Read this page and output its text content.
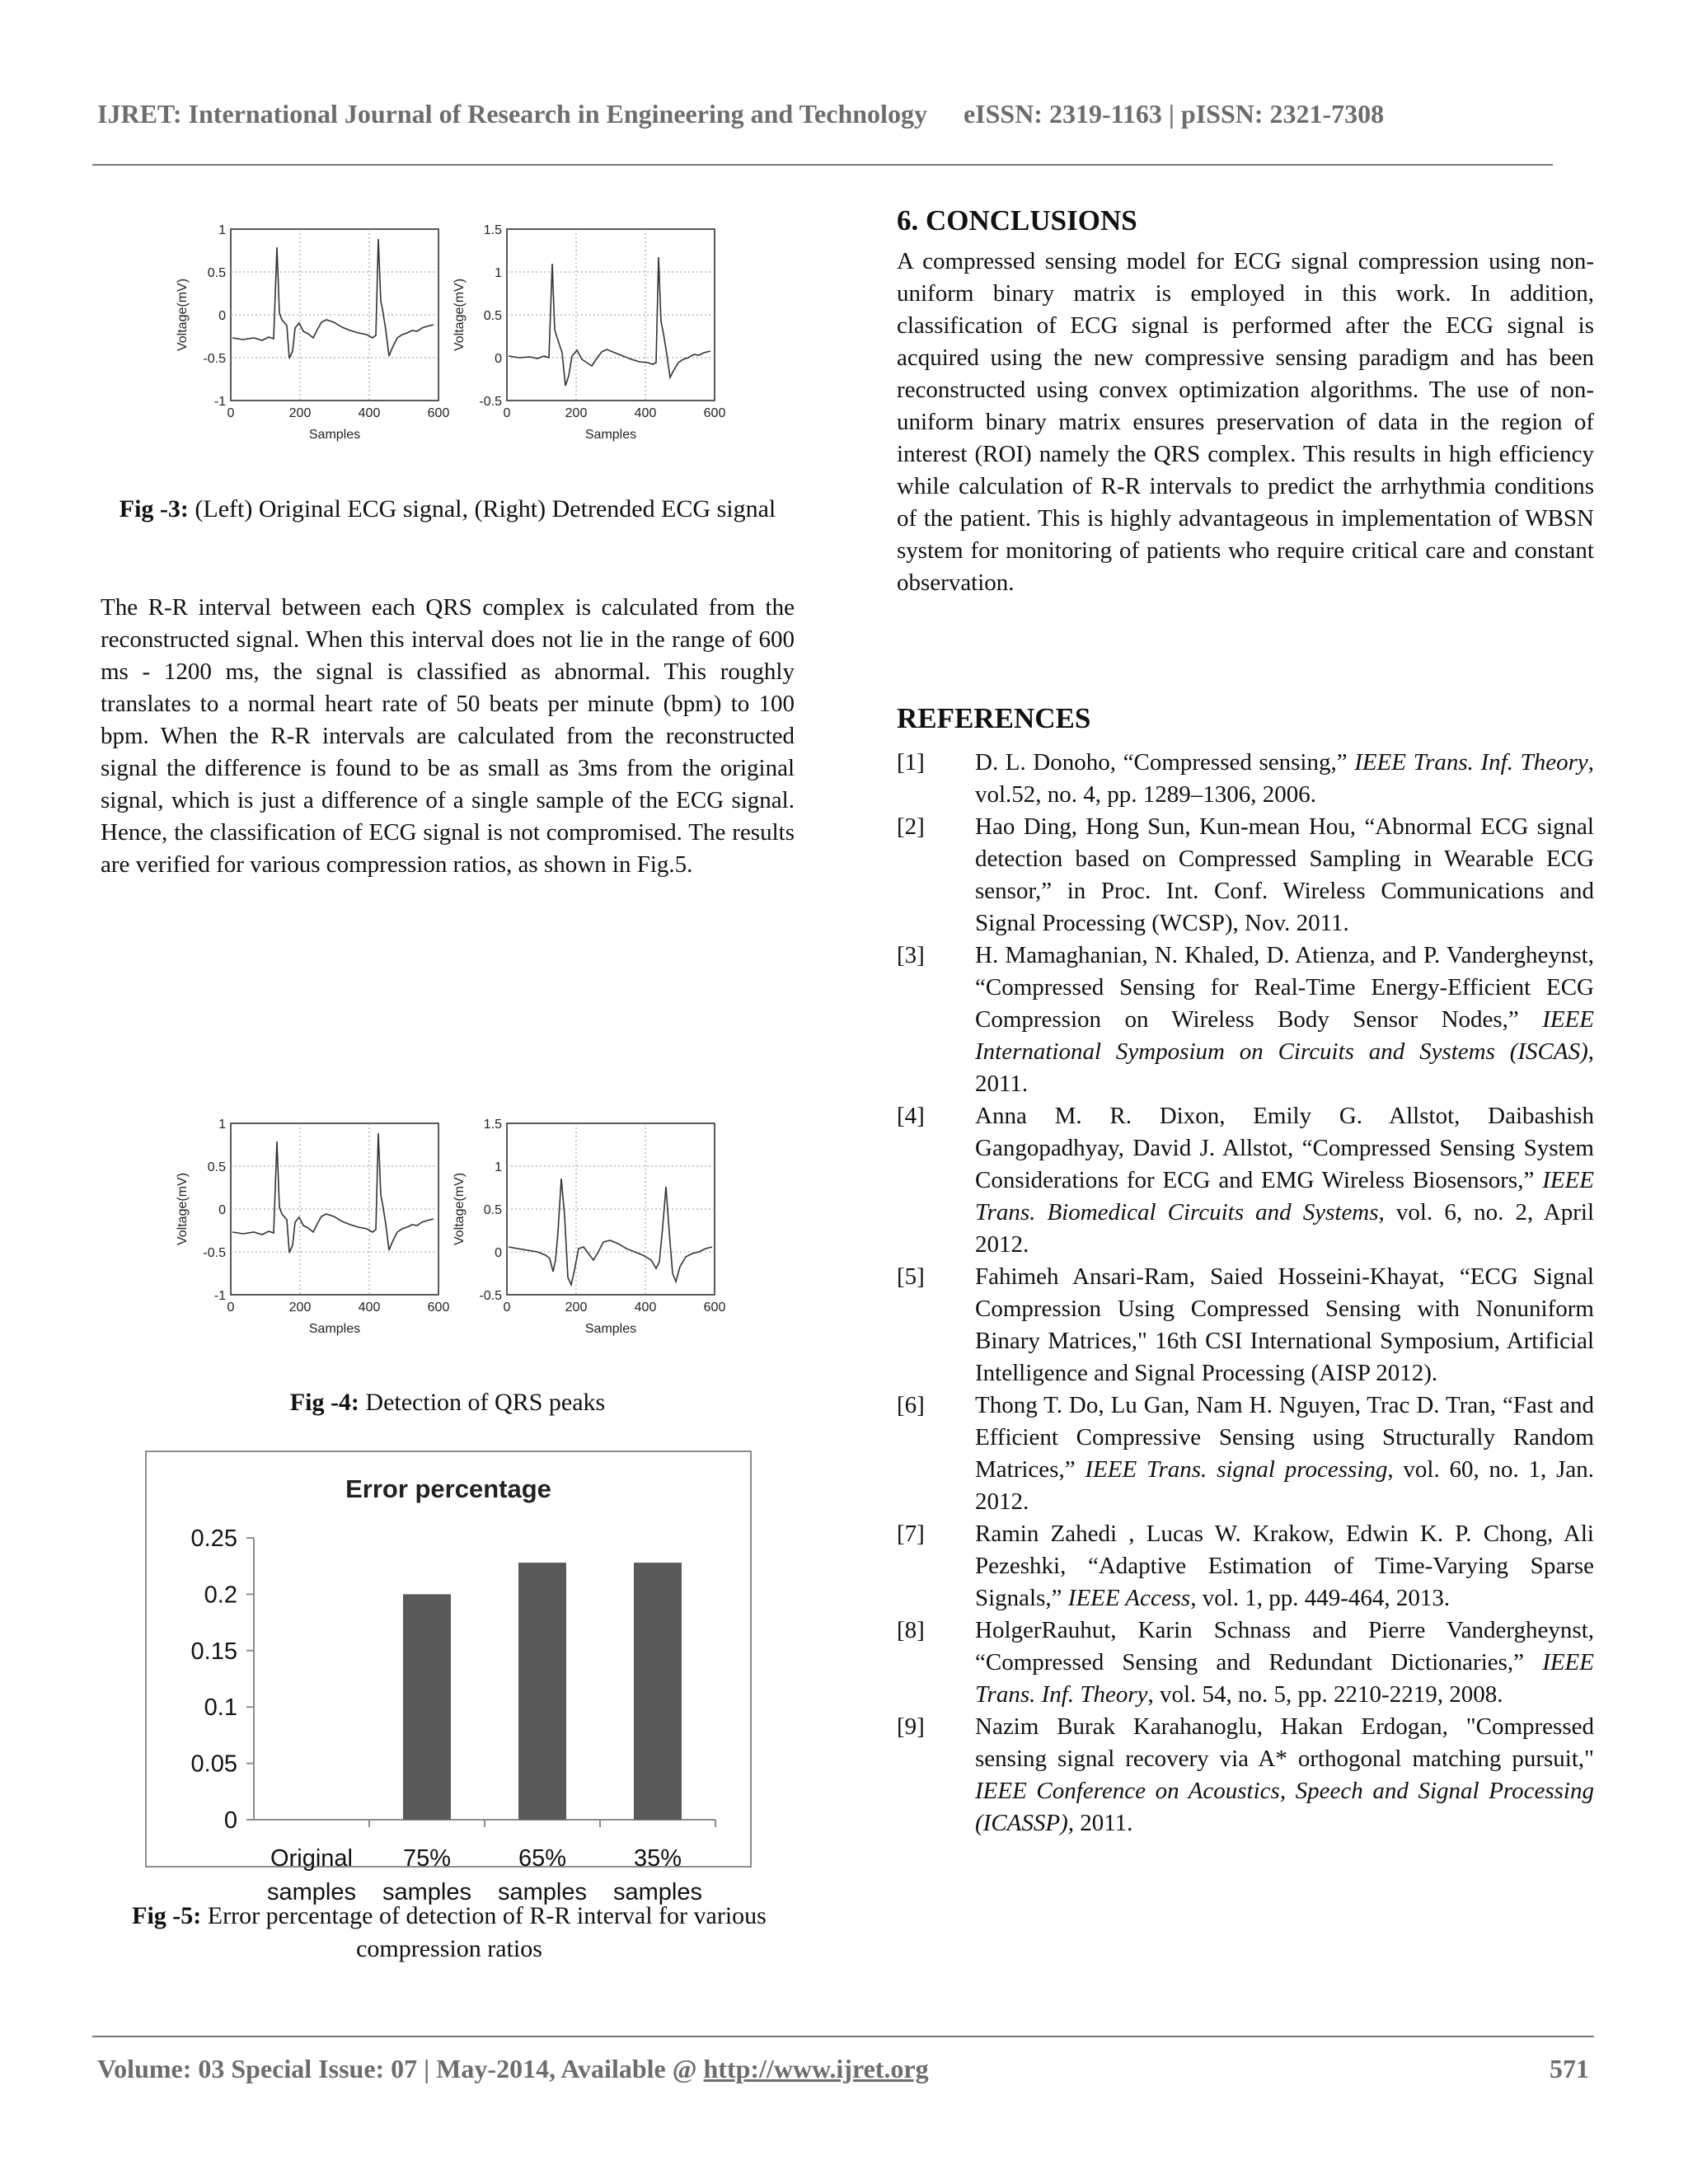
IJRET: International Journal of Research in Engineering and Technology eISSN: 2319-1163 | pISSN: 2321-7308
1
0.5
0
-0.5
-1
0	200	400	600
Samples
Voltage(mV)
1.5
1
0.5
0
-0.5
0	200	400	600
Samples
Voltage(mV)
Fig -3: (Left) Original ECG signal, (Right) Detrended ECG signal
The R-R interval between each QRS complex is calculated from the reconstructed signal. When this interval does not lie in the range of 600 ms - 1200 ms, the signal is classified as abnormal. This roughly translates to a normal heart rate of 50 beats per minute (bpm) to 100 bpm. When the R-R intervals are calculated from the reconstructed signal the difference is found to be as small as 3ms from the original signal, which is just a difference of a single sample of the ECG signal. Hence, the classification of ECG signal is not compromised. The results are verified for various compression ratios, as shown in Fig.5.
1
0.5
0
-0.5
-1
0	200	400	600
Samples
Voltage(mV)
1.5
1
0.5
0
-0.5
0	200	400	600
Samples
Voltage(mV)
Fig -4: Detection of QRS peaks
Error percentage
0.25
0.2
0.15
0.1
0.05
0
Original
samples
75%
samples
65%
samples
35%
samples
Fig -5: Error percentage of detection of R-R interval for various compression ratios
6. CONCLUSIONS
A compressed sensing model for ECG signal compression using non-uniform binary matrix is employed in this work. In addition, classification of ECG signal is performed after the ECG signal is acquired using the new compressive sensing paradigm and has been reconstructed using convex optimization algorithms. The use of non-uniform binary matrix ensures preservation of data in the region of interest (ROI) namely the QRS complex. This results in high efficiency while calculation of R-R intervals to predict the arrhythmia conditions of the patient. This is highly advantageous in implementation of WBSN system for monitoring of patients who require critical care and constant observation.
REFERENCES
[1] D. L. Donoho, “Compressed sensing,” IEEE Trans. Inf. Theory, vol.52, no. 4, pp. 1289–1306, 2006.
[2] Hao Ding, Hong Sun, Kun-mean Hou, “Abnormal ECG signal detection based on Compressed Sampling in Wearable ECG sensor,” in Proc. Int. Conf. Wireless Communications and Signal Processing (WCSP), Nov. 2011.
[3] H. Mamaghanian, N. Khaled, D. Atienza, and P. Vandergheynst, “Compressed Sensing for Real-Time Energy-Efficient ECG Compression on Wireless Body Sensor Nodes,” IEEE International Symposium on Circuits and Systems (ISCAS), 2011.
[4] Anna M. R. Dixon, Emily G. Allstot, Daibashish Gangopadhyay, David J. Allstot, “Compressed Sensing System Considerations for ECG and EMG Wireless Biosensors,” IEEE Trans. Biomedical Circuits and Systems, vol. 6, no. 2, April 2012.
[5] Fahimeh Ansari-Ram, Saied Hosseini-Khayat, “ECG Signal Compression Using Compressed Sensing with Nonuniform Binary Matrices," 16th CSI International Symposium, Artificial Intelligence and Signal Processing (AISP 2012).
[6] Thong T. Do, Lu Gan, Nam H. Nguyen, Trac D. Tran, “Fast and Efficient Compressive Sensing using Structurally Random Matrices,” IEEE Trans. signal processing, vol. 60, no. 1, Jan. 2012.
[7] Ramin Zahedi , Lucas W. Krakow, Edwin K. P. Chong, Ali Pezeshki, “Adaptive Estimation of Time-Varying Sparse Signals,” IEEE Access, vol. 1, pp. 449-464, 2013.
[8] HolgerRauhut, Karin Schnass and Pierre Vandergheynst, “Compressed Sensing and Redundant Dictionaries,” IEEE Trans. Inf. Theory, vol. 54, no. 5, pp. 2210-2219, 2008.
[9] Nazim Burak Karahanoglu, Hakan Erdogan, "Compressed sensing signal recovery via A* orthogonal matching pursuit," IEEE Conference on Acoustics, Speech and Signal Processing (ICASSP), 2011.
Volume: 03 Special Issue: 07 | May-2014, Available @ http://www.ijret.org	571
